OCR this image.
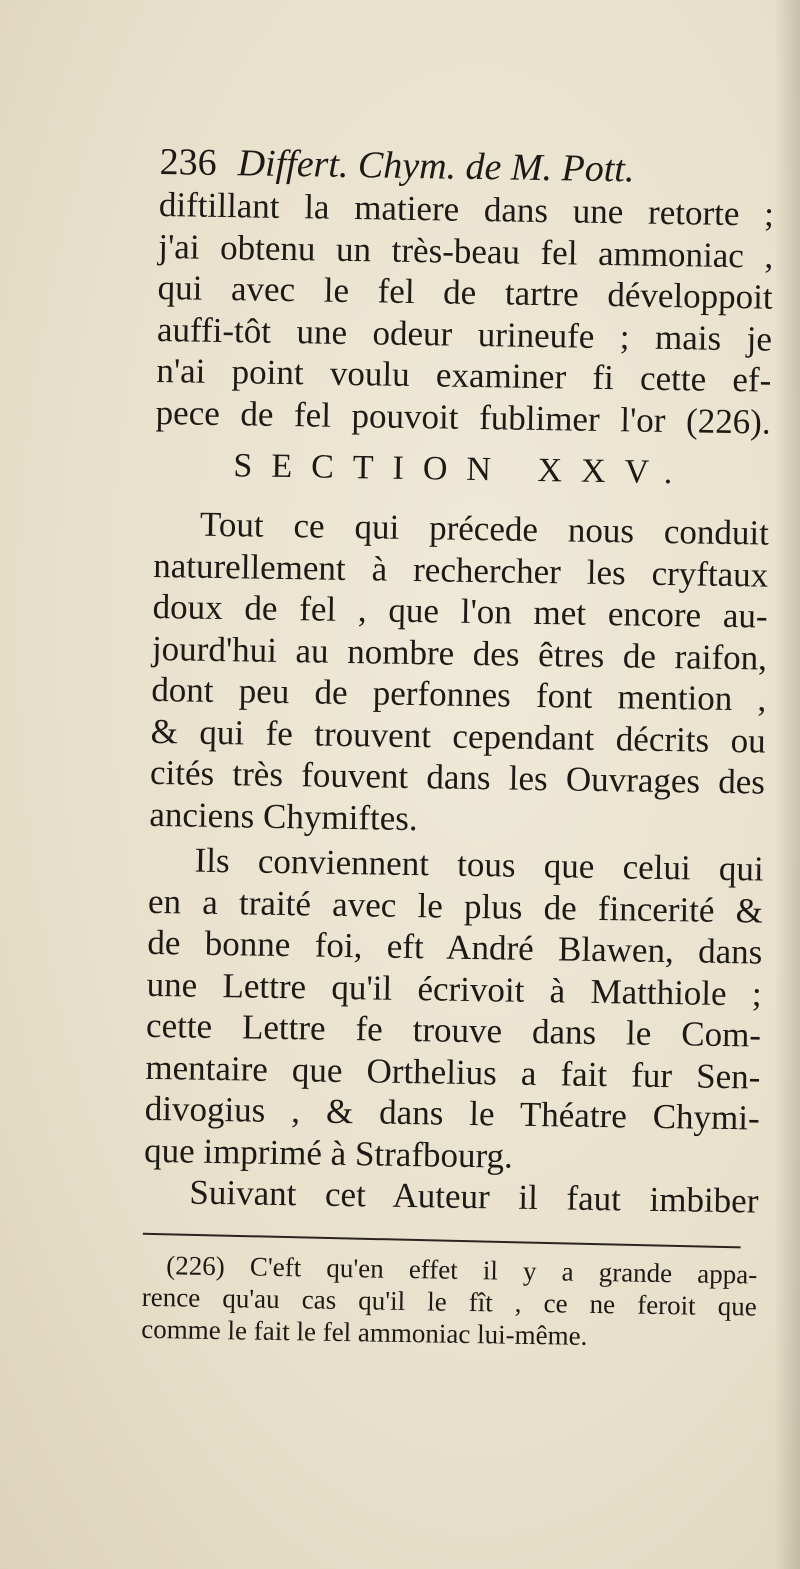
236 Differt. Chym. de M. Pott.
diftillant la matiere dans une retorte ;
j'ai obtenu un très-beau fel ammoniac ,
qui avec le fel de tartre développoit
auffi-tôt une odeur urineufe ; mais je
n'ai point voulu examiner fi cette ef-
pece de fel pouvoit fublimer l'or (226).
SECTION XXV.
Tout ce qui précede nous conduit
naturellement à rechercher les cryftaux
doux de fel , que l'on met encore au-
jourd'hui au nombre des êtres de raifon,
dont peu de perfonnes font mention ,
& qui fe trouvent cependant décrits ou
cités très fouvent dans les Ouvrages des
anciens Chymiftes.
Ils conviennent tous que celui qui
en a traité avec le plus de fincerité &
de bonne foi, eft André Blawen, dans
une Lettre qu'il écrivoit à Matthiole ;
cette Lettre fe trouve dans le Com-
mentaire que Orthelius a fait fur Sen-
divogius , & dans le Théatre Chymi-
que imprimé à Strafbourg.
Suivant cet Auteur il faut imbiber
(226) C'eft qu'en effet il y a grande appa-
rence qu'au cas qu'il le fît , ce ne feroit que
comme le fait le fel ammoniac lui-même.
